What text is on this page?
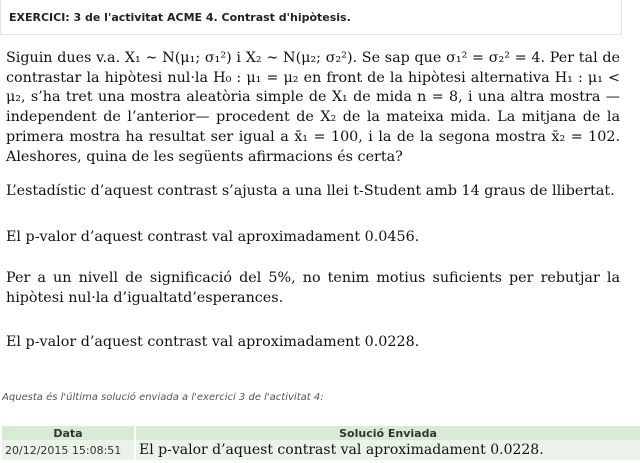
EXERCICI: 3 de l'activitat ACME 4. Contrast d'hipòtesis.
Siguin dues v.a. X₁ ∼ N(μ₁; σ₁²) i X₂ ∼ N(μ₂; σ₂²). Se sap que σ₁² = σ₂² = 4. Per tal de contrastar la hipòtesi nul·la H₀ : μ₁ = μ₂ en front de la hipòtesi alternativa H₁ : μ₁ < μ₂, s’ha tret una mostra aleatòria simple de X₁ de mida n = 8, i una altra mostra —independent de l’anterior— procedent de X₂ de la mateixa mida. La mitjana de la primera mostra ha resultat ser igual a x̄₁ = 100, i la de la segona mostra x̄₂ = 102. Aleshores, quina de les següents afirmacions és certa?
L’estadístic d’aquest contrast s’ajusta a una llei t-Student amb 14 graus de llibertat.
El p-valor d’aquest contrast val aproximadament 0.0456.
Per a un nivell de significació del 5%, no tenim motius suficients per rebutjar la hipòtesi nul·la d’igualtatd’esperances.
El p-valor d’aquest contrast val aproximadament 0.0228.
Aquesta és l'última solució enviada a l'exercici 3 de l'activitat 4:
Data	Solució Enviada
20/12/2015 15:08:51	El p-valor d’aquest contrast val aproximadament 0.0228.
